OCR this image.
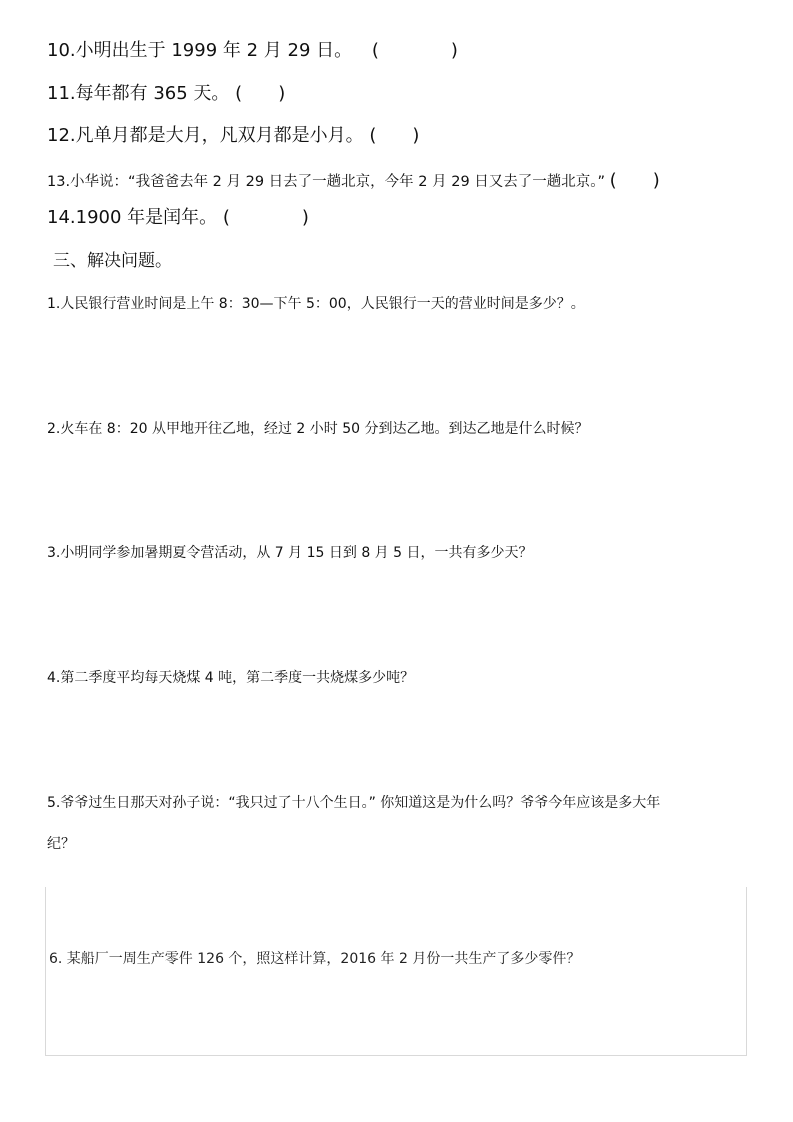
10.小明出生于 1999 年 2 月 29 日。 (　　　　)
11.每年都有 365 天。 (　　)
12.凡单月都是大月，凡双月都是小月。 (　　)
13.小华说：“我爸爸去年 2 月 29 日去了一趟北京，今年 2 月 29 日又去了一趟北京。” (　　)
14.1900 年是闰年。 (　　　　)
三、解决问题。
1.人民银行营业时间是上午 8：30—下午 5：00，人民银行一天的营业时间是多少？。
2.火车在 8：20 从甲地开往乙地，经过 2 小时 50 分到达乙地。到达乙地是什么时候？
3.小明同学参加暑期夏令营活动，从 7 月 15 日到 8 月 5 日，一共有多少天？
4.第二季度平均每天烧煤 4 吨，第二季度一共烧煤多少吨？
5.爷爷过生日那天对孙子说：“我只过了十八个生日。” 你知道这是为什么吗？爷爷今年应该是多大年
纪？
6. 某船厂一周生产零件 126 个，照这样计算，2016 年 2 月份一共生产了多少零件？
